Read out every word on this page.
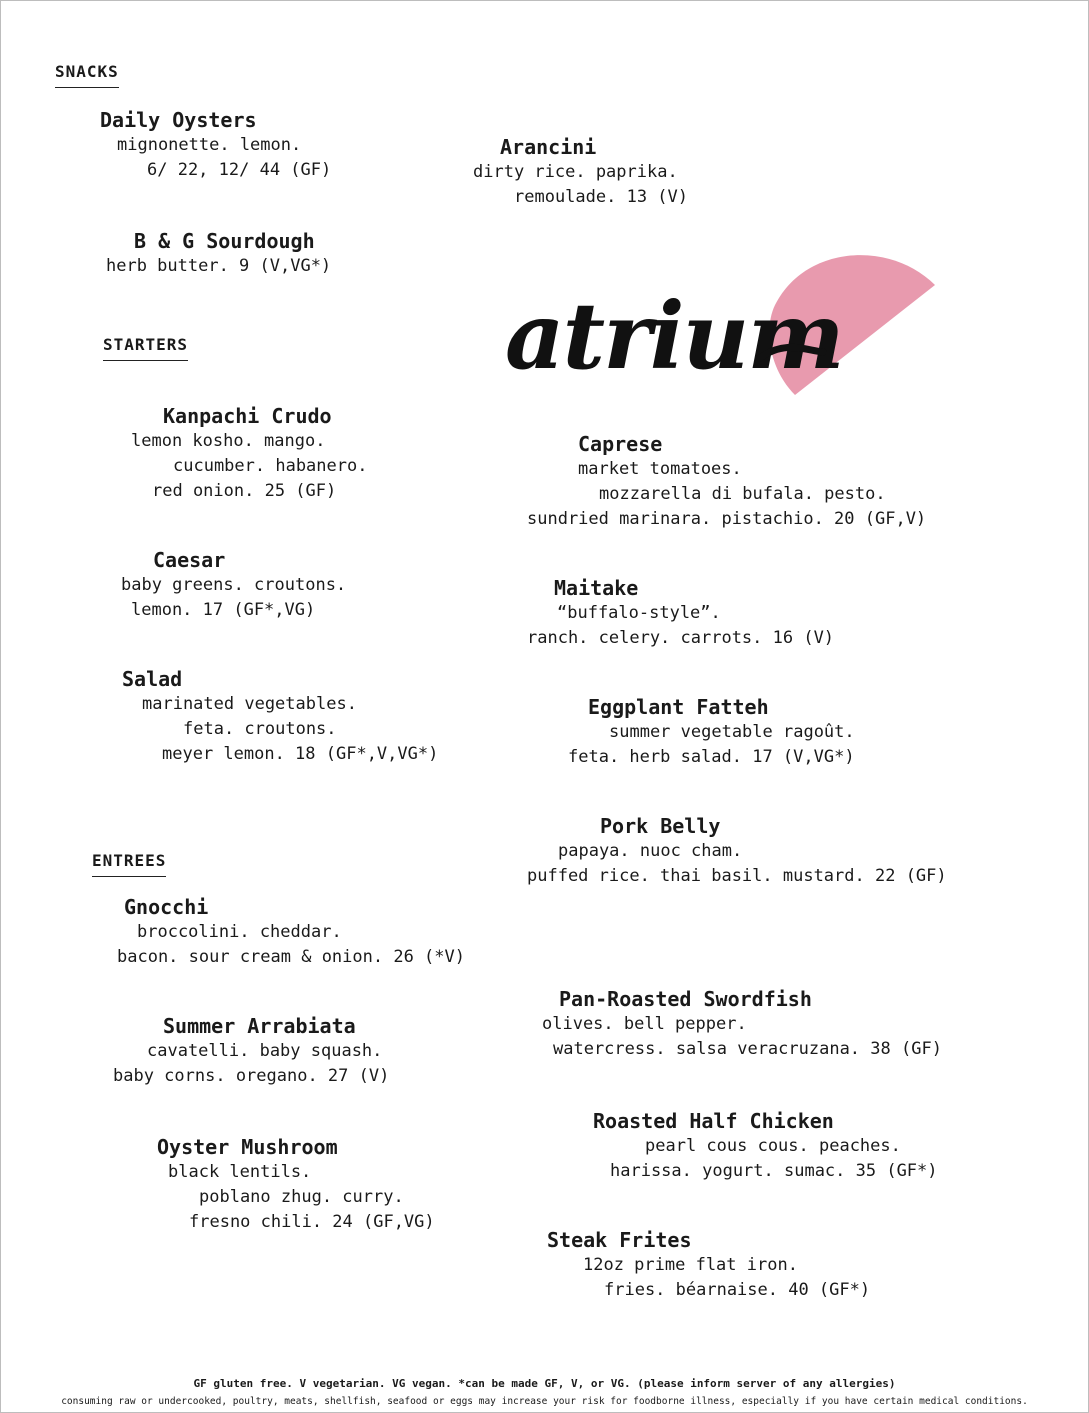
SNACKS
STARTERS
ENTREES
atrium
Daily Oysters
mignonette. lemon.
6/ 22, 12/ 44 (GF)
Arancini
dirty rice. paprika.
remoulade. 13 (V)
B & G Sourdough
herb butter. 9 (V,VG*)
Kanpachi Crudo
lemon kosho. mango.
cucumber. habanero.
red onion. 25 (GF)
Caprese
market tomatoes.
mozzarella di bufala. pesto.
sundried marinara. pistachio. 20 (GF,V)
Caesar
baby greens. croutons.
lemon. 17 (GF*,VG)
Maitake
“buffalo-style”.
ranch. celery. carrots. 16 (V)
Salad
marinated vegetables.
feta. croutons.
meyer lemon. 18 (GF*,V,VG*)
Eggplant Fatteh
summer vegetable ragoût.
feta. herb salad. 17 (V,VG*)
Pork Belly
papaya. nuoc cham.
puffed rice. thai basil. mustard. 22 (GF)
Gnocchi
broccolini. cheddar.
bacon. sour cream & onion. 26 (*V)
Pan-Roasted Swordfish
olives. bell pepper.
watercress. salsa veracruzana. 38 (GF)
Summer Arrabiata
cavatelli. baby squash.
baby corns. oregano. 27 (V)
Roasted Half Chicken
pearl cous cous. peaches.
harissa. yogurt. sumac. 35 (GF*)
Oyster Mushroom
black lentils.
poblano zhug. curry.
fresno chili. 24 (GF,VG)
Steak Frites
12oz prime flat iron.
fries. béarnaise. 40 (GF*)
GF gluten free. V vegetarian. VG vegan. *can be made GF, V, or VG. (please inform server of any allergies)
consuming raw or undercooked, poultry, meats, shellfish, seafood or eggs may increase your risk for foodborne illness, especially if you have certain medical conditions.
